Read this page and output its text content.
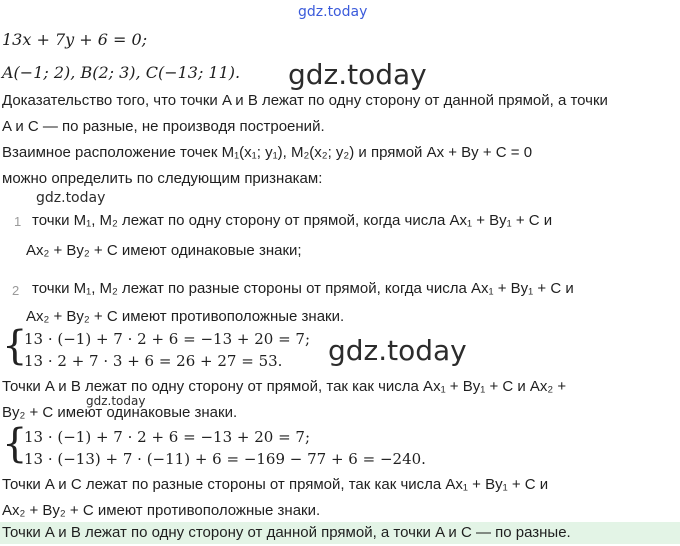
gdz.today
13x + 7y + 6 = 0;
A(−1; 2), B(2; 3), C(−13; 11). gdz.today
Доказательство того, что точки A и B лежат по одну сторону от данной прямой, а точки
A и C — по разные, не производя построений.
Взаимное расположение точек M₁(x₁; y₁), M₂(x₂; y₂) и прямой Ax + By + C = 0
можно определить по следующим признакам:
gdz.today
1 точки M₁, M₂ лежат по одну сторону от прямой, когда числа Ax₁ + By₁ + C и
Ax₂ + By₂ + C имеют одинаковые знаки;
2 точки M₁, M₂ лежат по разные стороны от прямой, когда числа Ax₁ + By₁ + C и
Ax₂ + By₂ + C имеют противоположные знаки.
{
13 · (−1) + 7 · 2 + 6 = −13 + 20 = 7;
13 · 2 + 7 · 3 + 6 = 26 + 27 = 53. gdz.today
Точки A и B лежат по одну сторону от прямой, так как числа Ax₁ + By₁ + C и Ax₂ +
gdz.today
By₂ + C имеют одинаковые знаки.
{
13 · (−1) + 7 · 2 + 6 = −13 + 20 = 7;
13 · (−13) + 7 · (−11) + 6 = −169 − 77 + 6 = −240.
Точки A и C лежат по разные стороны от прямой, так как числа Ax₁ + By₁ + C и
Ax₂ + By₂ + C имеют противоположные знаки.
Точки A и B лежат по одну сторону от данной прямой, а точки A и C — по разные.
